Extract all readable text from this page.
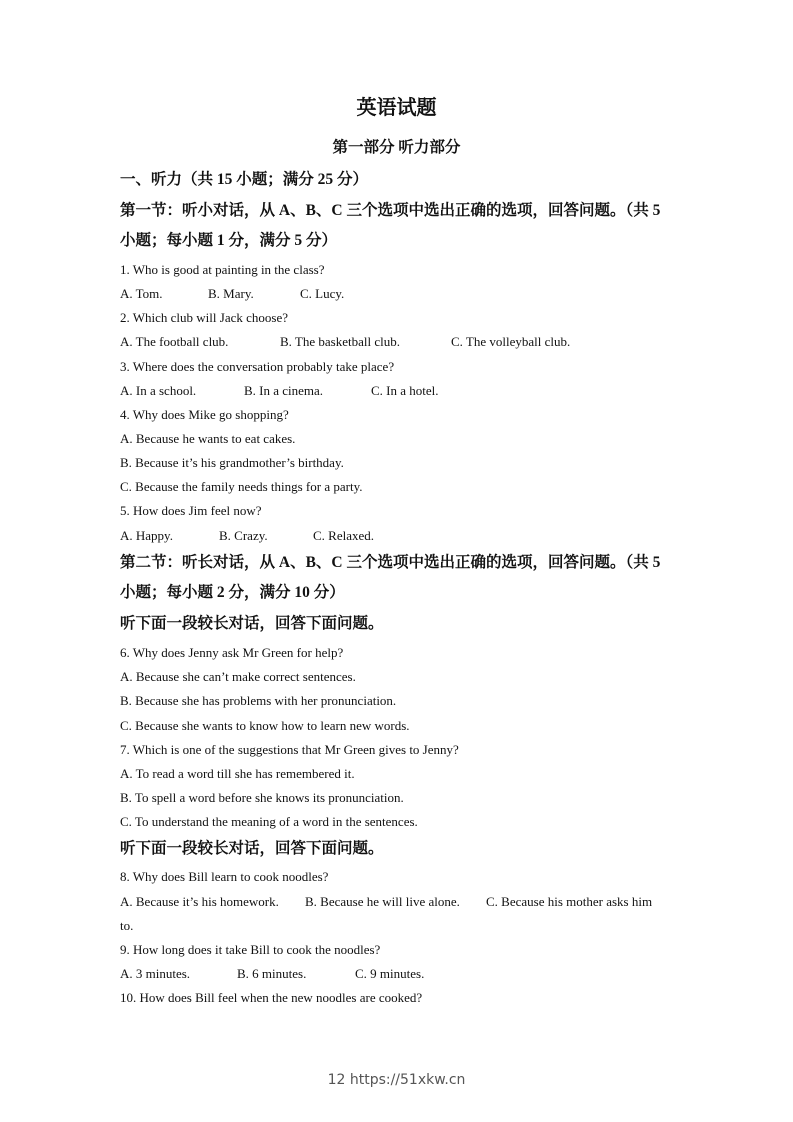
英语试题
第一部分 听力部分
一、听力（共 15 小题；满分 25 分）
第一节：听小对话，从 A、B、C 三个选项中选出正确的选项，回答问题。（共 5
小题；每小题 1 分，满分 5 分）
1. Who is good at painting in the class?
A. Tom.	B. Mary.	C. Lucy.
2. Which club will Jack choose?
A. The football club.	B. The basketball club.	C. The volleyball club.
3. Where does the conversation probably take place?
A. In a school.	B. In a cinema.	C. In a hotel.
4. Why does Mike go shopping?
A. Because he wants to eat cakes.
B. Because it’s his grandmother’s birthday.
C. Because the family needs things for a party.
5. How does Jim feel now?
A. Happy.	B. Crazy.	C. Relaxed.
第二节：听长对话，从 A、B、C 三个选项中选出正确的选项，回答问题。（共 5
小题；每小题 2 分，满分 10 分）
听下面一段较长对话，回答下面问题。
6. Why does Jenny ask Mr Green for help?
A. Because she can’t make correct sentences.
B. Because she has problems with her pronunciation.
C. Because she wants to know how to learn new words.
7. Which is one of the suggestions that Mr Green gives to Jenny?
A. To read a word till she has remembered it.
B. To spell a word before she knows its pronunciation.
C. To understand the meaning of a word in the sentences.
听下面一段较长对话，回答下面问题。
8. Why does Bill learn to cook noodles?
A. Because it’s his homework. B. Because he will live alone. C. Because his mother asks him
to.
9. How long does it take Bill to cook the noodles?
A. 3 minutes.	B. 6 minutes.	C. 9 minutes.
10. How does Bill feel when the new noodles are cooked?
12 https://51xkw.cn
